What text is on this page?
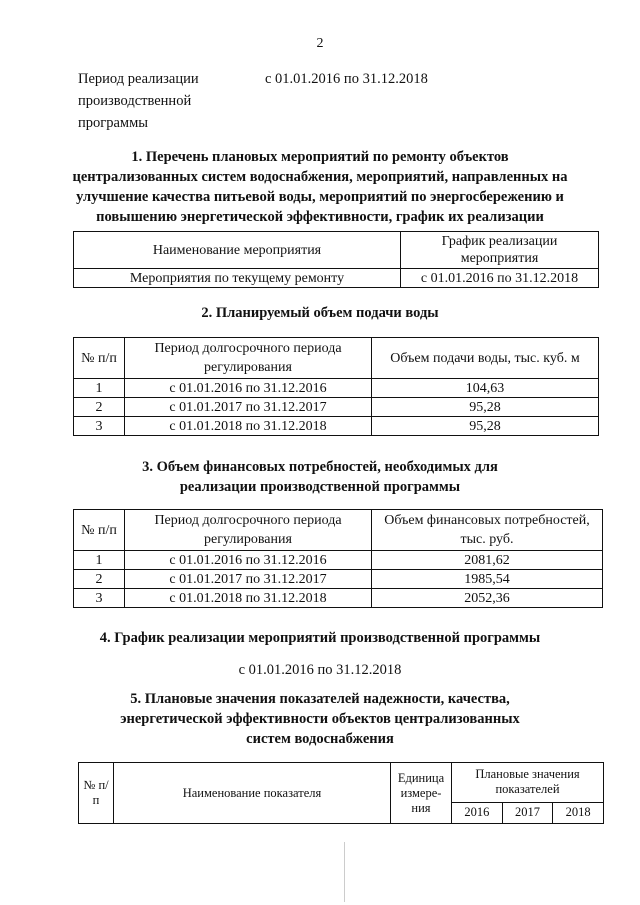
2
Период реализации
производственной
программы
с 01.01.2016 по 31.12.2018
1. Перечень плановых мероприятий по ремонту объектов
централизованных систем водоснабжения, мероприятий, направленных на
улучшение качества питьевой воды, мероприятий по энергосбережению и
повышению энергетической эффективности, график их реализации
Наименование мероприятия	График реализации мероприятия
Мероприятия по текущему ремонту	с 01.01.2016 по 31.12.2018
2. Планируемый объем подачи воды
№ п/п	Период долгосрочного периода регулирования	Объем подачи воды, тыс. куб. м
1	с 01.01.2016 по 31.12.2016	104,63
2	с 01.01.2017 по 31.12.2017	95,28
3	с 01.01.2018 по 31.12.2018	95,28
3. Объем финансовых потребностей, необходимых для
реализации производственной программы
№ п/п	Период долгосрочного периода регулирования	Объем финансовых потребностей, тыс. руб.
1	с 01.01.2016 по 31.12.2016	2081,62
2	с 01.01.2017 по 31.12.2017	1985,54
3	с 01.01.2018 по 31.12.2018	2052,36
4. График реализации мероприятий производственной программы
с 01.01.2016 по 31.12.2018
5. Плановые значения показателей надежности, качества,
энергетической эффективности объектов централизованных
систем водоснабжения
№ п/п	Наименование показателя	Единица измере-ния	Плановые значения показателей		
			2016	2017	2018
